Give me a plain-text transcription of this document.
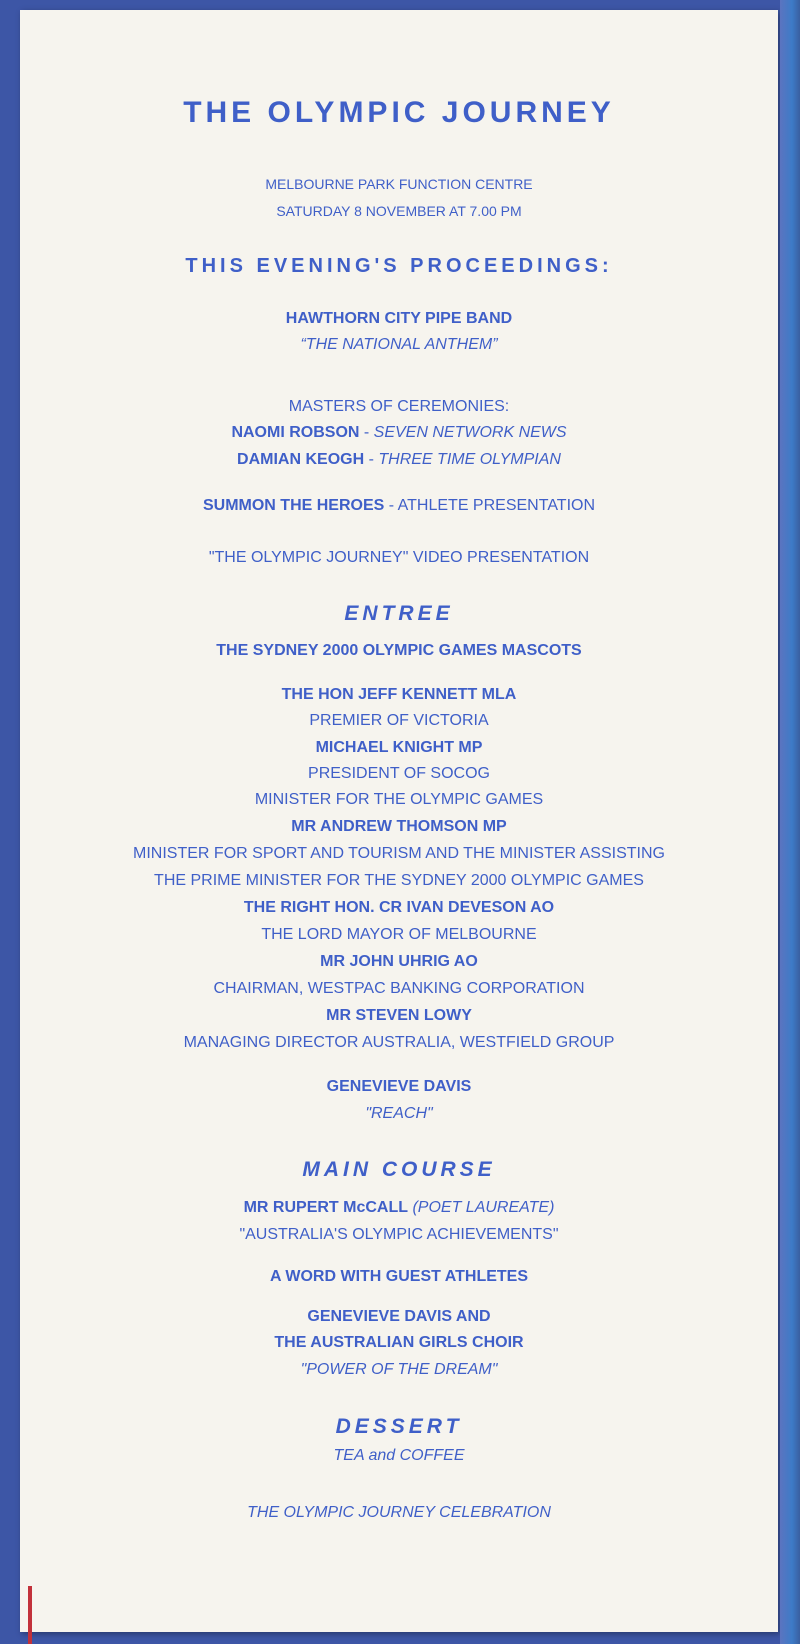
THE OLYMPIC JOURNEY
MELBOURNE PARK FUNCTION CENTRE
SATURDAY 8 NOVEMBER AT 7.00 PM
THIS EVENING'S PROCEEDINGS:
HAWTHORN CITY PIPE BAND
“THE NATIONAL ANTHEM”
MASTERS OF CEREMONIES:
NAOMI ROBSON - SEVEN NETWORK NEWS
DAMIAN KEOGH - THREE TIME OLYMPIAN
SUMMON THE HEROES - ATHLETE PRESENTATION
"THE OLYMPIC JOURNEY" VIDEO PRESENTATION
ENTREE
THE SYDNEY 2000 OLYMPIC GAMES MASCOTS
THE HON JEFF KENNETT MLA
PREMIER OF VICTORIA
MICHAEL KNIGHT MP
PRESIDENT OF SOCOG
MINISTER FOR THE OLYMPIC GAMES
MR ANDREW THOMSON MP
MINISTER FOR SPORT AND TOURISM AND THE MINISTER ASSISTING
THE PRIME MINISTER FOR THE SYDNEY 2000 OLYMPIC GAMES
THE RIGHT HON. CR IVAN DEVESON AO
THE LORD MAYOR OF MELBOURNE
MR JOHN UHRIG AO
CHAIRMAN, WESTPAC BANKING CORPORATION
MR STEVEN LOWY
MANAGING DIRECTOR AUSTRALIA, WESTFIELD GROUP
GENEVIEVE DAVIS
"REACH"
MAIN COURSE
MR RUPERT McCALL (POET LAUREATE)
"AUSTRALIA'S OLYMPIC ACHIEVEMENTS"
A WORD WITH GUEST ATHLETES
GENEVIEVE DAVIS AND
THE AUSTRALIAN GIRLS CHOIR
"POWER OF THE DREAM"
DESSERT
TEA and COFFEE
THE OLYMPIC JOURNEY CELEBRATION
